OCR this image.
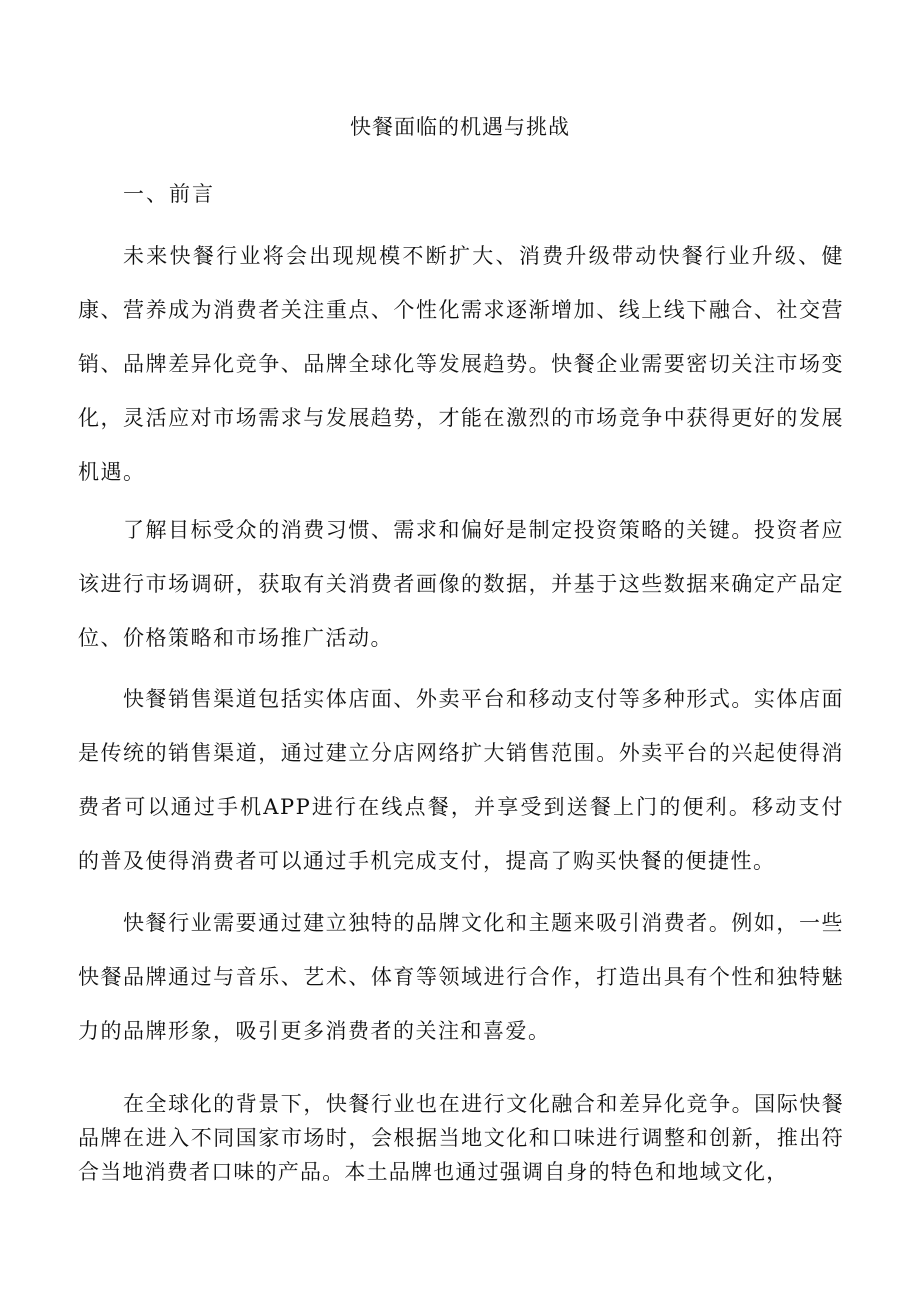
快餐面临的机遇与挑战
一、前言

未来快餐行业将会出现规模不断扩大、消费升级带动快餐行业升级、健康、营养成为消费者关注重点、个性化需求逐渐增加、线上线下融合、社交营销、品牌差异化竞争、品牌全球化等发展趋势。快餐企业需要密切关注市场变化，灵活应对市场需求与发展趋势，才能在激烈的市场竞争中获得更好的发展机遇。

了解目标受众的消费习惯、需求和偏好是制定投资策略的关键。投资者应该进行市场调研，获取有关消费者画像的数据，并基于这些数据来确定产品定位、价格策略和市场推广活动。

快餐销售渠道包括实体店面、外卖平台和移动支付等多种形式。实体店面是传统的销售渠道，通过建立分店网络扩大销售范围。外卖平台的兴起使得消费者可以通过手机APP进行在线点餐，并享受到送餐上门的便利。移动支付的普及使得消费者可以通过手机完成支付，提高了购买快餐的便捷性。

快餐行业需要通过建立独特的品牌文化和主题来吸引消费者。例如，一些快餐品牌通过与音乐、艺术、体育等领域进行合作，打造出具有个性和独特魅力的品牌形象，吸引更多消费者的关注和喜爱。

在全球化的背景下，快餐行业也在进行文化融合和差异化竞争。国际快餐品牌在进入不同国家市场时，会根据当地文化和口味进行调整和创新，推出符合当地消费者口味的产品。本土品牌也通过强调自身的特色和地域文化，
